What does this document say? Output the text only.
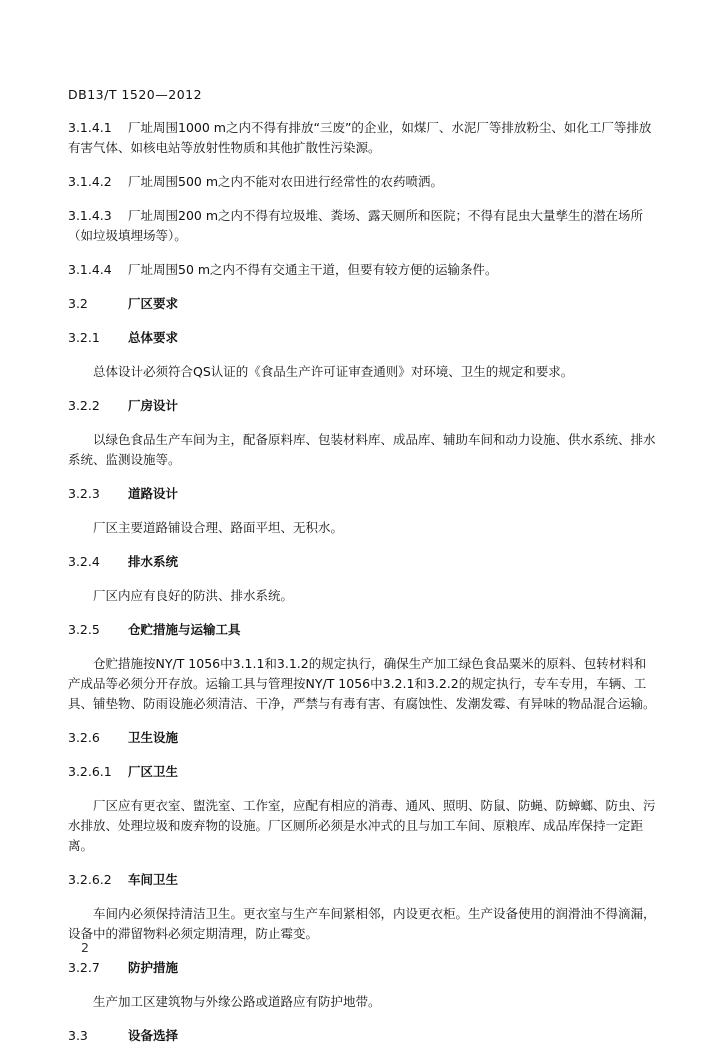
DB13/T 1520—2012
3.1.4.1 厂址周围1000 m之内不得有排放“三废”的企业，如煤厂、水泥厂等排放粉尘、如化工厂等排放有害气体、如核电站等放射性物质和其他扩散性污染源。
3.1.4.2 厂址周围500 m之内不能对农田进行经常性的农药喷洒。
3.1.4.3 厂址周围200 m之内不得有垃圾堆、粪场、露天厕所和医院；不得有昆虫大量孳生的潜在场所（如垃圾填埋场等）。
3.1.4.4 厂址周围50 m之内不得有交通主干道，但要有较方便的运输条件。
3.2	厂区要求
3.2.1 总体要求
总体设计必须符合QS认证的《食品生产许可证审查通则》对环境、卫生的规定和要求。
3.2.2 厂房设计
以绿色食品生产车间为主，配备原料库、包装材料库、成品库、辅助车间和动力设施、供水系统、排水系统、监测设施等。
3.2.3 道路设计
厂区主要道路铺设合理、路面平坦、无积水。
3.2.4 排水系统
厂区内应有良好的防洪、排水系统。
3.2.5 仓贮措施与运输工具
仓贮措施按NY/T 1056中3.1.1和3.1.2的规定执行，确保生产加工绿色食品粟米的原料、包转材料和产成品等必须分开存放。运输工具与管理按NY/T 1056中3.2.1和3.2.2的规定执行，专车专用，车辆、工具、铺垫物、防雨设施必须清洁、干净，严禁与有毒有害、有腐蚀性、发潮发霉、有异味的物品混合运输。
3.2.6 卫生设施
3.2.6.1 厂区卫生
厂区应有更衣室、盥洗室、工作室，应配有相应的消毒、通风、照明、防鼠、防蝇、防蟑螂、防虫、污水排放、处理垃圾和废弃物的设施。厂区厕所必须是水冲式的且与加工车间、原粮库、成品库保持一定距离。
3.2.6.2 车间卫生
车间内必须保持清洁卫生。更衣室与生产车间紧相邻，内设更衣柜。生产设备使用的润滑油不得滴漏，设备中的滞留物料必须定期清理，防止霉变。
3.2.7 防护措施
生产加工区建筑物与外缘公路或道路应有防护地带。
3.3	设备选择
2
